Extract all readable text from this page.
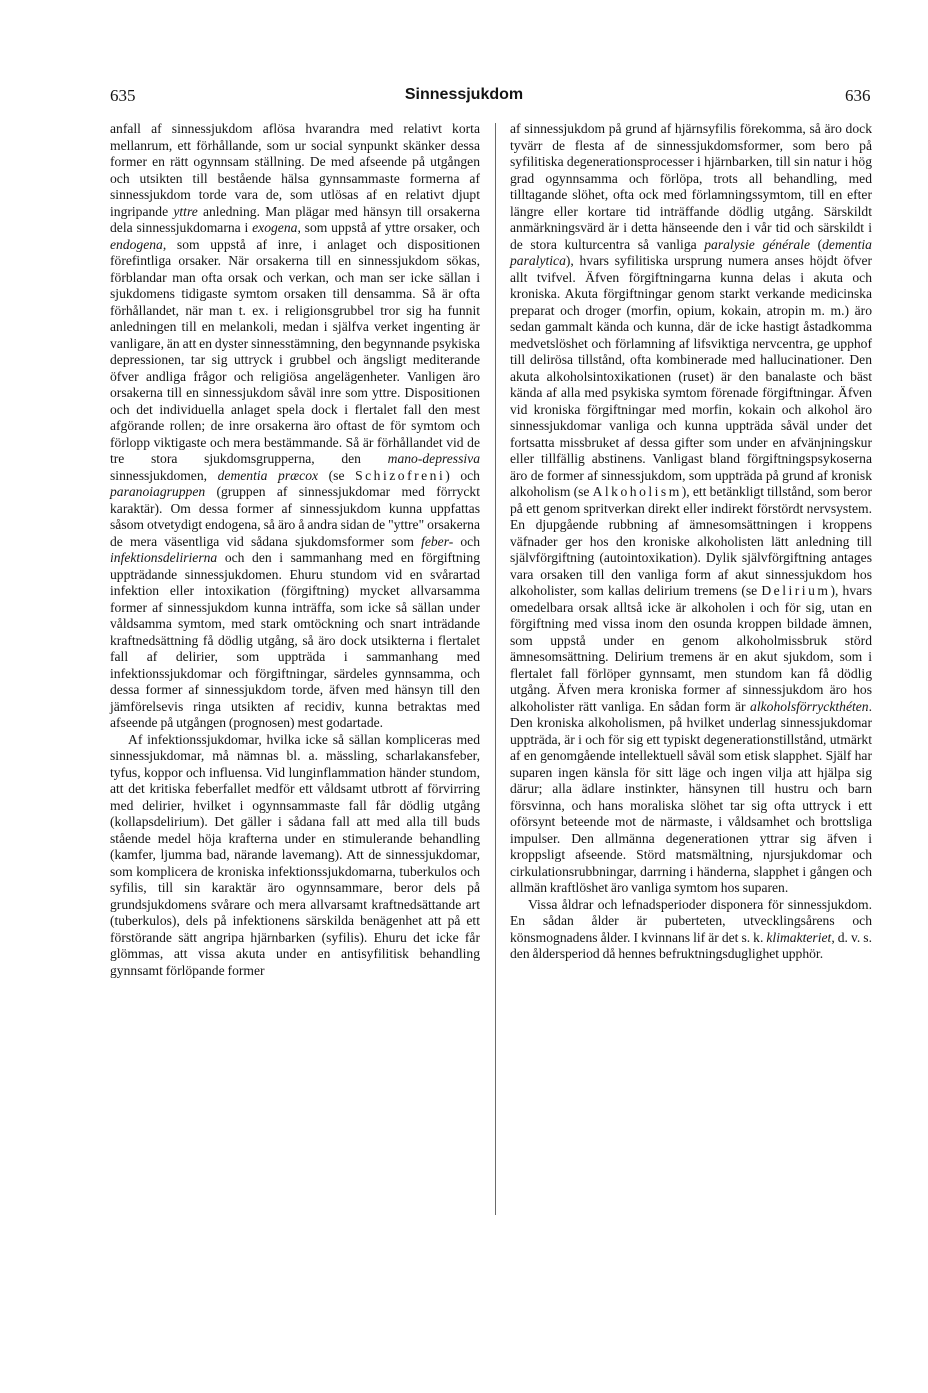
635	Sinnessjukdom	636

anfall af sinnessjukdom aflösa hvarandra med relativt korta mellanrum, ett förhållande, som ur social synpunkt skänker dessa former en rätt ogynnsam ställning. De med afseende på utgången och utsikten till bestående hälsa gynnsammaste formerna af sinnessjukdom torde vara de, som utlösas af en relativt djupt ingripande yttre anledning. Man plägar med hänsyn till orsakerna dela sinnessjukdomarna i exogena, som uppstå af yttre orsaker, och endogena, som uppstå af inre, i anlaget och dispositionen förefintliga orsaker. När orsakerna till en sinnessjukdom sökas, förblandar man ofta orsak och verkan, och man ser icke sällan i sjukdomens tidigaste symtom orsaken till densamma. Så är ofta förhållandet, när man t. ex. i religionsgrubbel tror sig ha funnit anledningen till en melankoli, medan i själfva verket ingenting är vanligare, än att en dyster sinnesstämning, den begynnande psykiska depressionen, tar sig uttryck i grubbel och ängsligt mediterande öfver andliga frågor och religiösa angelägenheter. Vanligen äro orsakerna till en sinnessjukdom såväl inre som yttre. Dispositionen och det individuella anlaget spela dock i flertalet fall den mest afgörande rollen; de inre orsakerna äro oftast de för symtom och förlopp viktigaste och mera bestämmande. Så är förhållandet vid de tre stora sjukdomsgrupperna, den mano-depressiva sinnessjukdomen, dementia præcox (se Schizofreni) och paranoiagruppen (gruppen af sinnessjukdomar med förryckt karaktär). Om dessa former af sinnessjukdom kunna uppfattas såsom otvetydigt endogena, så äro å andra sidan de "yttre" orsakerna de mera väsentliga vid sådana sjukdomsformer som feber- och infektionsdelirierna och den i sammanhang med en förgiftning uppträdande sinnessjukdomen. Ehuru stundom vid en svårartad infektion eller intoxikation (förgiftning) mycket allvarsamma former af sinnessjukdom kunna inträffa, som icke så sällan under våldsamma symtom, med stark omtöckning och snart inträdande kraftnedsättning få dödlig utgång, så äro dock utsikterna i flertalet fall af delirier, som uppträda i sammanhang med infektionssjukdomar och förgiftningar, särdeles gynnsamma, och dessa former af sinnessjukdom torde, äfven med hänsyn till den jämförelsevis ringa utsikten af recidiv, kunna betraktas med afseende på utgången (prognosen) mest godartade.

Af infektionssjukdomar, hvilka icke så sällan kompliceras med sinnessjukdomar, må nämnas bl. a. mässling, scharlakansfeber, tyfus, koppor och influensa. Vid lunginflammation händer stundom, att det kritiska feberfallet medför ett våldsamt utbrott af förvirring med delirier, hvilket i ogynnsammaste fall får dödlig utgång (kollapsdelirium). Det gäller i sådana fall att med alla till buds stående medel höja krafterna under en stimulerande behandling (kamfer, ljumma bad, närande lavemang). Att de sinnessjukdomar, som komplicera de kroniska infektionssjukdomarna, tuberkulos och syfilis, till sin karaktär äro ogynnsammare, beror dels på grundsjukdomens svårare och mera allvarsamt kraftnedsättande art (tuberkulos), dels på infektionens särskilda benägenhet att på ett förstörande sätt angripa hjärnbarken (syfilis). Ehuru det icke får glömmas, att vissa akuta under en antisyfilitisk behandling gynnsamt förlöpande former

af sinnessjukdom på grund af hjärnsyfilis förekomma, så äro dock tyvärr de flesta af de sinnessjukdomsformer, som bero på syfilitiska degenerationsprocesser i hjärnbarken, till sin natur i hög grad ogynnsamma och förlöpa, trots all behandling, med tilltagande slöhet, ofta ock med förlamningssymtom, till en efter längre eller kortare tid inträffande dödlig utgång. Särskildt anmärkningsvärd är i detta hänseende den i vår tid och särskildt i de stora kulturcentra så vanliga paralysie générale (dementia paralytica), hvars syfilitiska ursprung numera anses höjdt öfver allt tvifvel. Äfven förgiftningarna kunna delas i akuta och kroniska. Akuta förgiftningar genom starkt verkande medicinska preparat och droger (morfin, opium, kokain, atropin m. m.) äro sedan gammalt kända och kunna, där de icke hastigt åstadkomma medvetslöshet och förlamning af lifsviktiga nervcentra, ge upphof till delirösa tillstånd, ofta kombinerade med hallucinationer. Den akuta alkoholsintoxikationen (ruset) är den banalaste och bäst kända af alla med psykiska symtom förenade förgiftningar. Äfven vid kroniska förgiftningar med morfin, kokain och alkohol äro sinnessjukdomar vanliga och kunna uppträda såväl under det fortsatta missbruket af dessa gifter som under en afvänjningskur eller tillfällig abstinens. Vanligast bland förgiftningspsykoserna äro de former af sinnessjukdom, som uppträda på grund af kronisk alkoholism (se Alkoholism), ett betänkligt tillstånd, som beror på ett genom spritverkan direkt eller indirekt förstördt nervsystem. En djupgående rubbning af ämnesomsättningen i kroppens väfnader ger hos den kroniske alkoholisten lätt anledning till självförgiftning (autointoxikation). Dylik självförgiftning antages vara orsaken till den vanliga form af akut sinnessjukdom hos alkoholister, som kallas delirium tremens (se Delirium), hvars omedelbara orsak alltså icke är alkoholen i och för sig, utan en förgiftning med vissa inom den osunda kroppen bildade ämnen, som uppstå under en genom alkoholmissbruk störd ämnesomsättning. Delirium tremens är en akut sjukdom, som i flertalet fall förlöper gynnsamt, men stundom kan få dödlig utgång. Äfven mera kroniska former af sinnessjukdom äro hos alkoholister rätt vanliga. En sådan form är alkoholsförryckthéten. Den kroniska alkoholismen, på hvilket underlag sinnessjukdomar uppträda, är i och för sig ett typiskt degenerationstillstånd, utmärkt af en genomgående intellektuell såväl som etisk slapphet. Själf har suparen ingen känsla för sitt läge och ingen vilja att hjälpa sig därur; alla ädlare instinkter, hänsynen till hustru och barn försvinna, och hans moraliska slöhet tar sig ofta uttryck i ett oförsynt beteende mot de närmaste, i våldsamhet och brottsliga impulser. Den allmänna degenerationen yttrar sig äfven i kroppsligt afseende. Störd matsmältning, njursjukdomar och cirkulationsrubbningar, darrning i händerna, slapphet i gången och allmän kraftlöshet äro vanliga symtom hos suparen.

Vissa åldrar och lefnadsperioder disponera för sinnessjukdom. En sådan ålder är puberteten, utvecklingsårens och könsmognadens ålder. I kvinnans lif är det s. k. klimakteriet, d. v. s. den åldersperiod då hennes befruktningsduglighet upphör.
